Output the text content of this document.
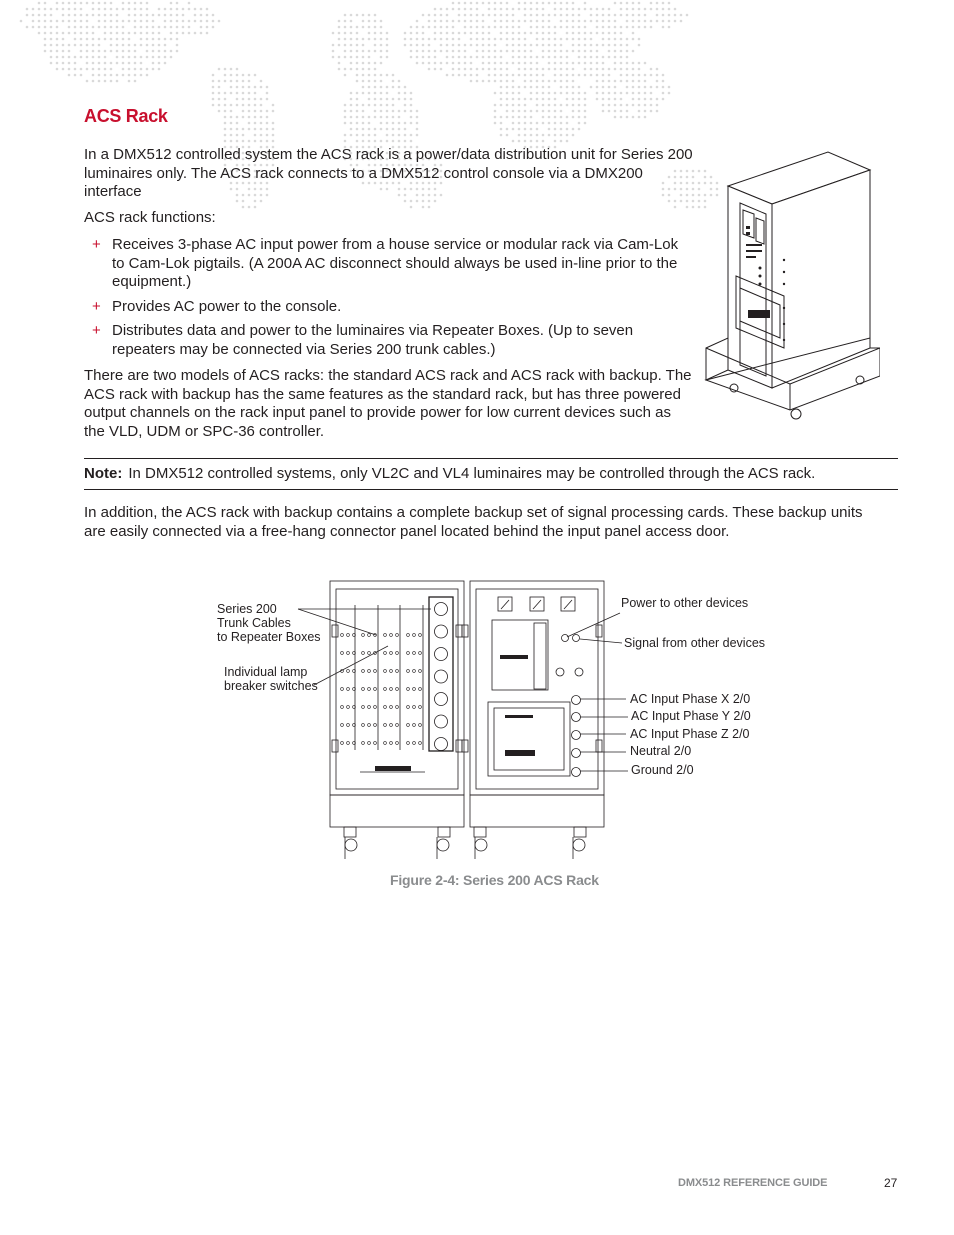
ACS Rack

In a DMX512 controlled system the ACS rack is a power/data distribution unit for Series 200 luminaires only. The ACS rack connects to a DMX512 control console via a DMX200 interface

ACS rack functions:

+ Receives 3-phase AC input power from a house service or modular rack via Cam-Lok to Cam-Lok pigtails. (A 200A AC disconnect should always be used in-line prior to the equipment.)
+ Provides AC power to the console.
+ Distributes data and power to the luminaires via Repeater Boxes. (Up to seven repeaters may be connected via Series 200 trunk cables.)

There are two models of ACS racks: the standard ACS rack and ACS rack with backup. The ACS rack with backup has the same features as the standard rack, but has three powered output channels on the rack input panel to provide power for low current devices such as the VLD, UDM or SPC-36 controller.

Note: In DMX512 controlled systems, only VL2C and VL4 luminaires may be controlled through the ACS rack.

In addition, the ACS rack with backup contains a complete backup set of signal processing cards. These backup units are easily connected via a free-hang connector panel located behind the input panel access door.

Series 200
Trunk Cables
to Repeater Boxes
Individual lamp
breaker switches
Power to other devices
Signal from other devices
AC Input Phase X 2/0
AC Input Phase Y 2/0
AC Input Phase Z 2/0
Neutral 2/0
Ground 2/0
Figure 2-4: Series 200 ACS Rack
DMX512 REFERENCE GUIDE	27
